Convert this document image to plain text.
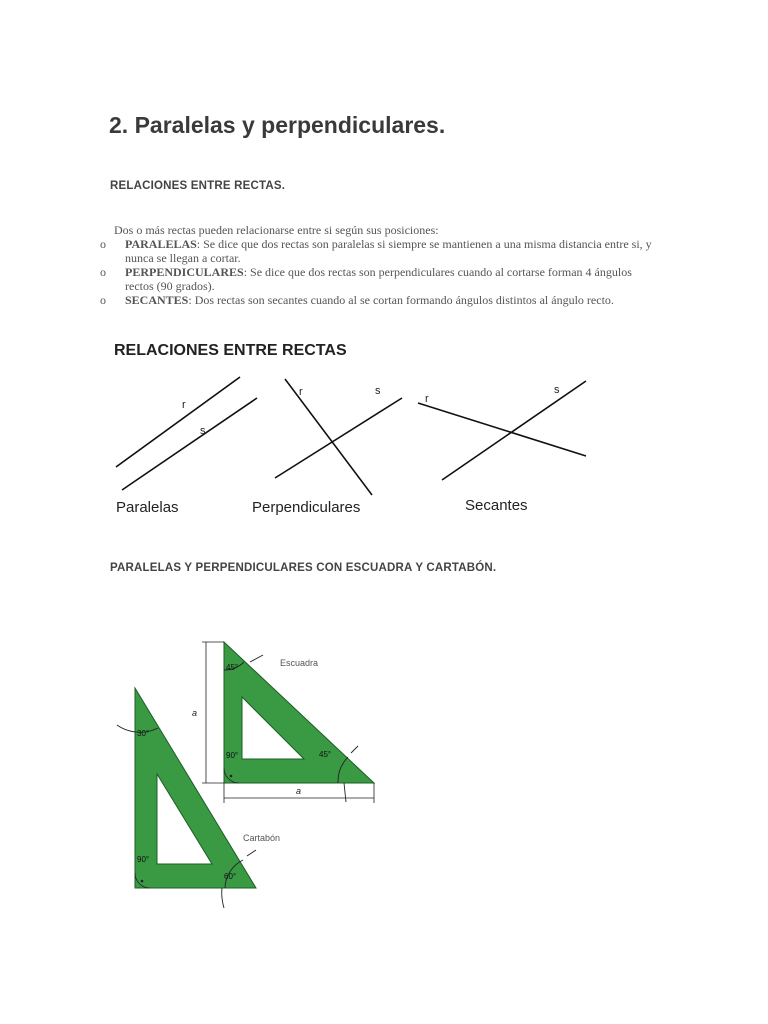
2. Paralelas y perpendiculares.
RELACIONES ENTRE RECTAS.
Dos o más rectas pueden relacionarse entre si según sus posiciones:
o PARALELAS: Se dice que dos rectas son paralelas si siempre se mantienen a una misma distancia entre si, y nunca se llegan a cortar.
o PERPENDICULARES: Se dice que dos rectas son perpendiculares cuando al cortarse forman 4 ángulos rectos (90 grados).
o SECANTES: Dos rectas son secantes cuando al se cortan formando ángulos distintos al ángulo recto.
RELACIONES ENTRE RECTAS
r
s
Paralelas
r	s
Perpendiculares
r
s
Secantes
PARALELAS Y PERPENDICULARES CON ESCUADRA Y CARTABÓN.
a
a
45°
45°
90°
30°
90°
60°
Escuadra
Cartabón
